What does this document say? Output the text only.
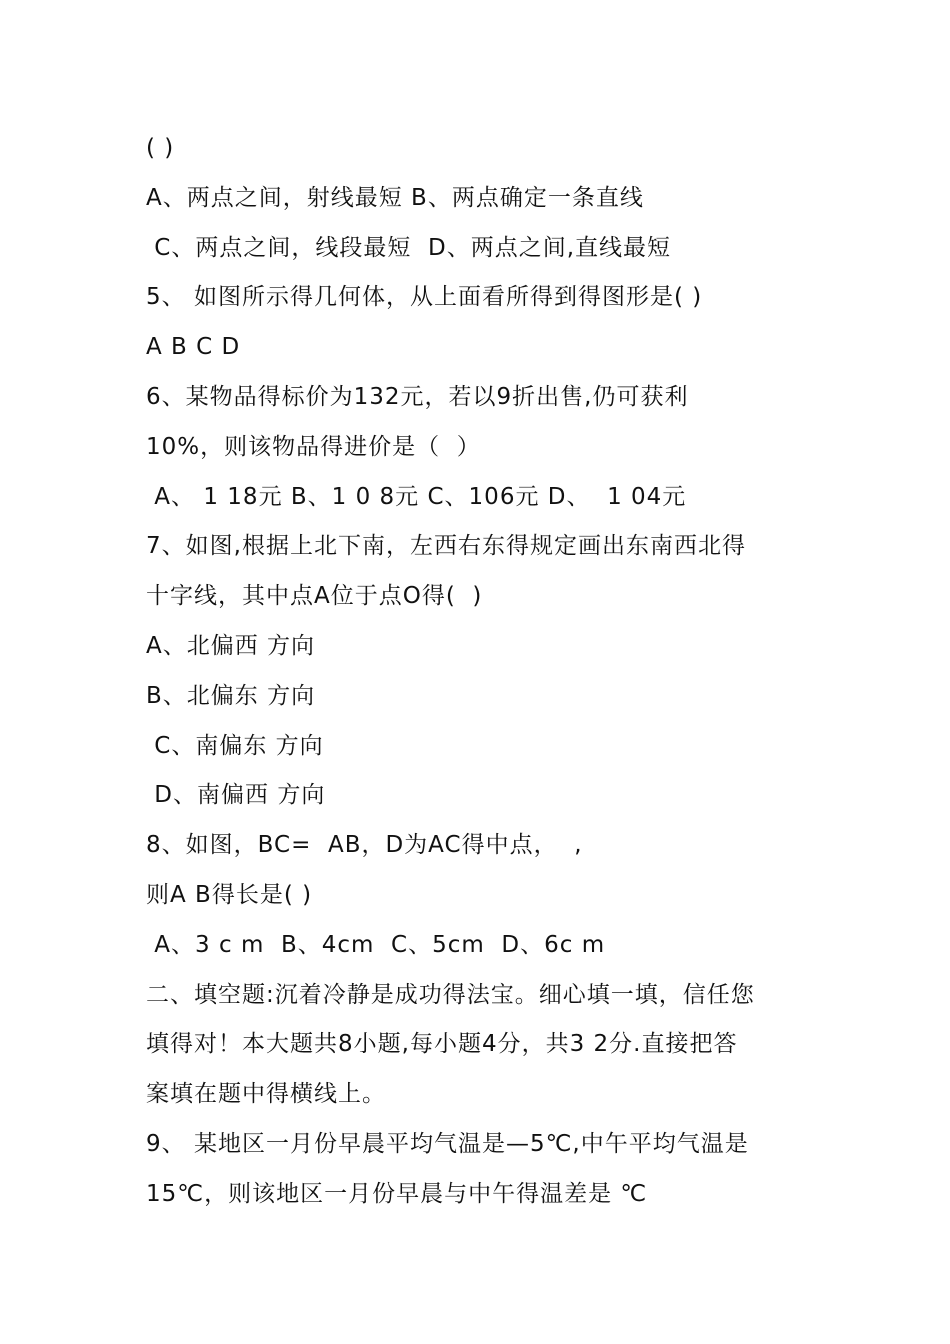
( )
A、两点之间，射线最短 B、两点确定一条直线
C、两点之间，线段最短  D、两点之间,直线最短
5、 如图所示得几何体，从上面看所得到得图形是( )
A B C D
6、某物品得标价为132元，若以9折出售,仍可获利
10%，则该物品得进价是（  ）
A、 1 18元 B、1 0 8元 C、106元 D、  1 04元
7、如图,根据上北下南，左西右东得规定画出东南西北得
十字线，其中点A位于点O得(  )
A、北偏西 方向
B、北偏东 方向
C、南偏东 方向
D、南偏西 方向
8、如图，BC=  AB，D为AC得中点，  ,
则A B得长是( )
A、3 c m  B、4cm  C、5cm  D、6c m
二、填空题:沉着冷静是成功得法宝。细心填一填，信任您
填得对！本大题共8小题,每小题4分，共3 2分.直接把答
案填在题中得横线上。
9、 某地区一月份早晨平均气温是—5℃,中午平均气温是
15℃，则该地区一月份早晨与中午得温差是 ℃
